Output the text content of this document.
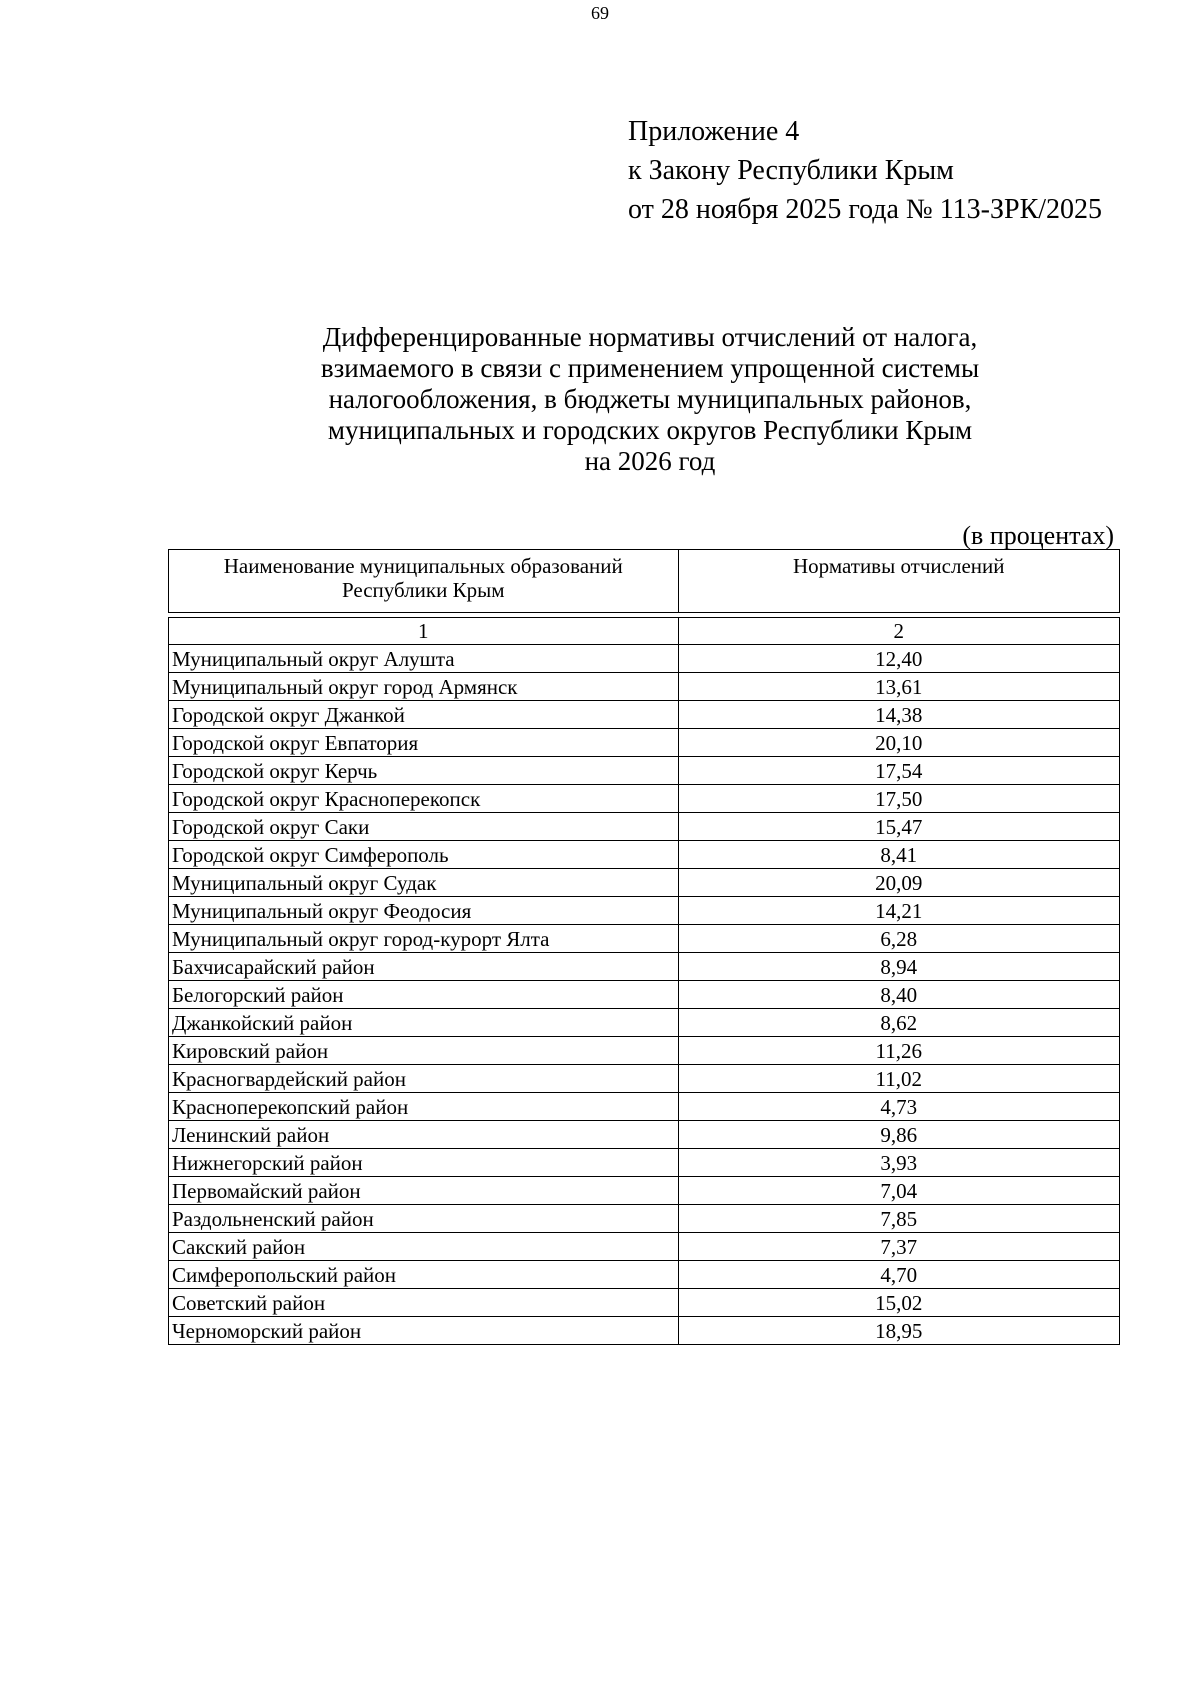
69
Приложение 4
к Закону Республики Крым
от 28 ноября 2025 года № 113-ЗРК/2025
Дифференцированные нормативы отчислений от налога,
взимаемого в связи с применением упрощенной системы
налогообложения, в бюджеты муниципальных районов,
муниципальных и городских округов Республики Крым
на 2026 год
(в процентах)
Наименование муниципальных образований
Республики Крым	Нормативы отчислений

1	2
Муниципальный округ Алушта	12,40
Муниципальный округ город Армянск	13,61
Городской округ Джанкой	14,38
Городской округ Евпатория	20,10
Городской округ Керчь	17,54
Городской округ Красноперекопск	17,50
Городской округ Саки	15,47
Городской округ Симферополь	8,41
Муниципальный округ Судак	20,09
Муниципальный округ Феодосия	14,21
Муниципальный округ город-курорт Ялта	6,28
Бахчисарайский район	8,94
Белогорский район	8,40
Джанкойский район	8,62
Кировский район	11,26
Красногвардейский район	11,02
Красноперекопский район	4,73
Ленинский район	9,86
Нижнегорский район	3,93
Первомайский район	7,04
Раздольненский район	7,85
Сакский район	7,37
Симферопольский район	4,70
Советский район	15,02
Черноморский район	18,95
